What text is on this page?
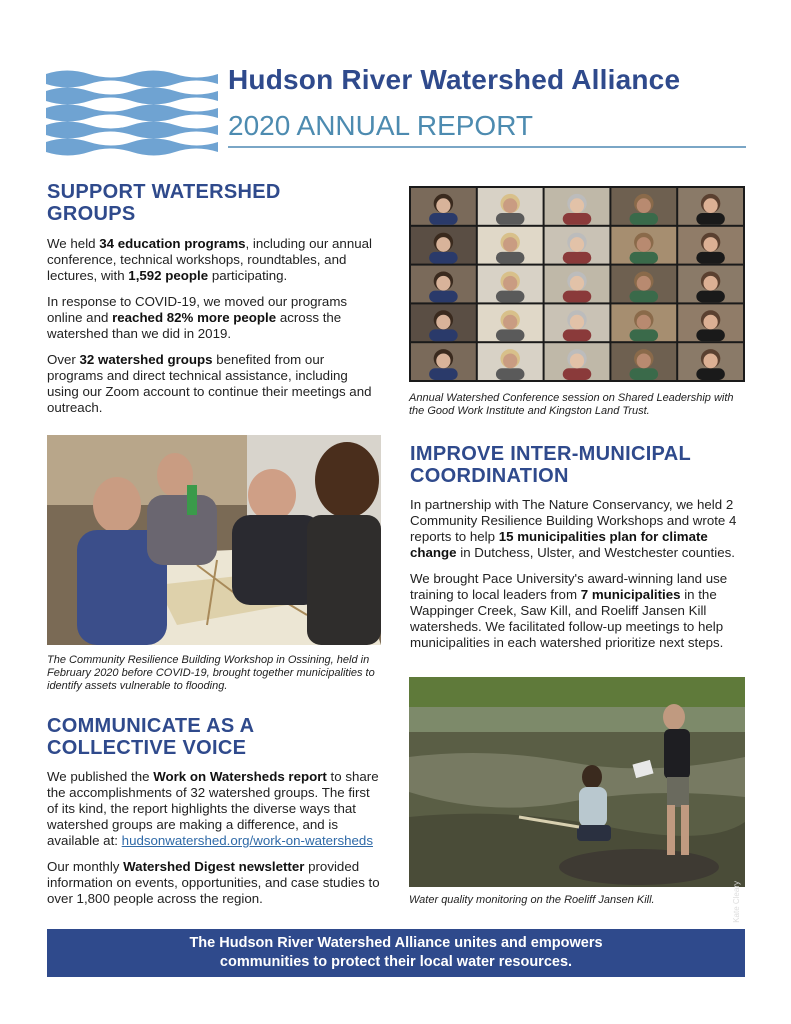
Hudson River Watershed Alliance
2020 ANNUAL REPORT
SUPPORT WATERSHED GROUPS

We held 34 education programs, including our annual conference, technical workshops, roundtables, and lectures, with 1,592 people participating.

In response to COVID-19, we moved our programs online and reached 82% more people across the watershed than we did in 2019.

Over 32 watershed groups benefited from our programs and direct technical assistance, including using our Zoom account to continue their meetings and outreach.

Annual Watershed Conference session on Shared Leadership with the Good Work Institute and Kingston Land Trust.
The Community Resilience Building Workshop in Ossining, held in February 2020 before COVID-19, brought together municipalities to identify assets vulnerable to flooding.
IMPROVE INTER-MUNICIPAL COORDINATION

In partnership with The Nature Conservancy, we held 2 Community Resilience Building Workshops and wrote 4 reports to help 15 municipalities plan for climate change in Dutchess, Ulster, and Westchester counties.

We brought Pace University's award-winning land use training to local leaders from 7 municipalities in the Wappinger Creek, Saw Kill, and Roeliff Jansen Kill watersheds. We facilitated follow-up meetings to help municipalities in each watershed prioritize next steps.

COMMUNICATE AS A COLLECTIVE VOICE

We published the Work on Watersheds report to share the accomplishments of 32 watershed groups. The first of its kind, the report highlights the diverse ways that watershed groups are making a difference, and is available at: hudsonwatershed.org/work-on-watersheds

Our monthly Watershed Digest newsletter provided information on events, opportunities, and case studies to over 1,800 people across the region.	Kate Cleary
Water quality monitoring on the Roeliff Jansen Kill.
The Hudson River Watershed Alliance unites and empowers
communities to protect their local water resources.
